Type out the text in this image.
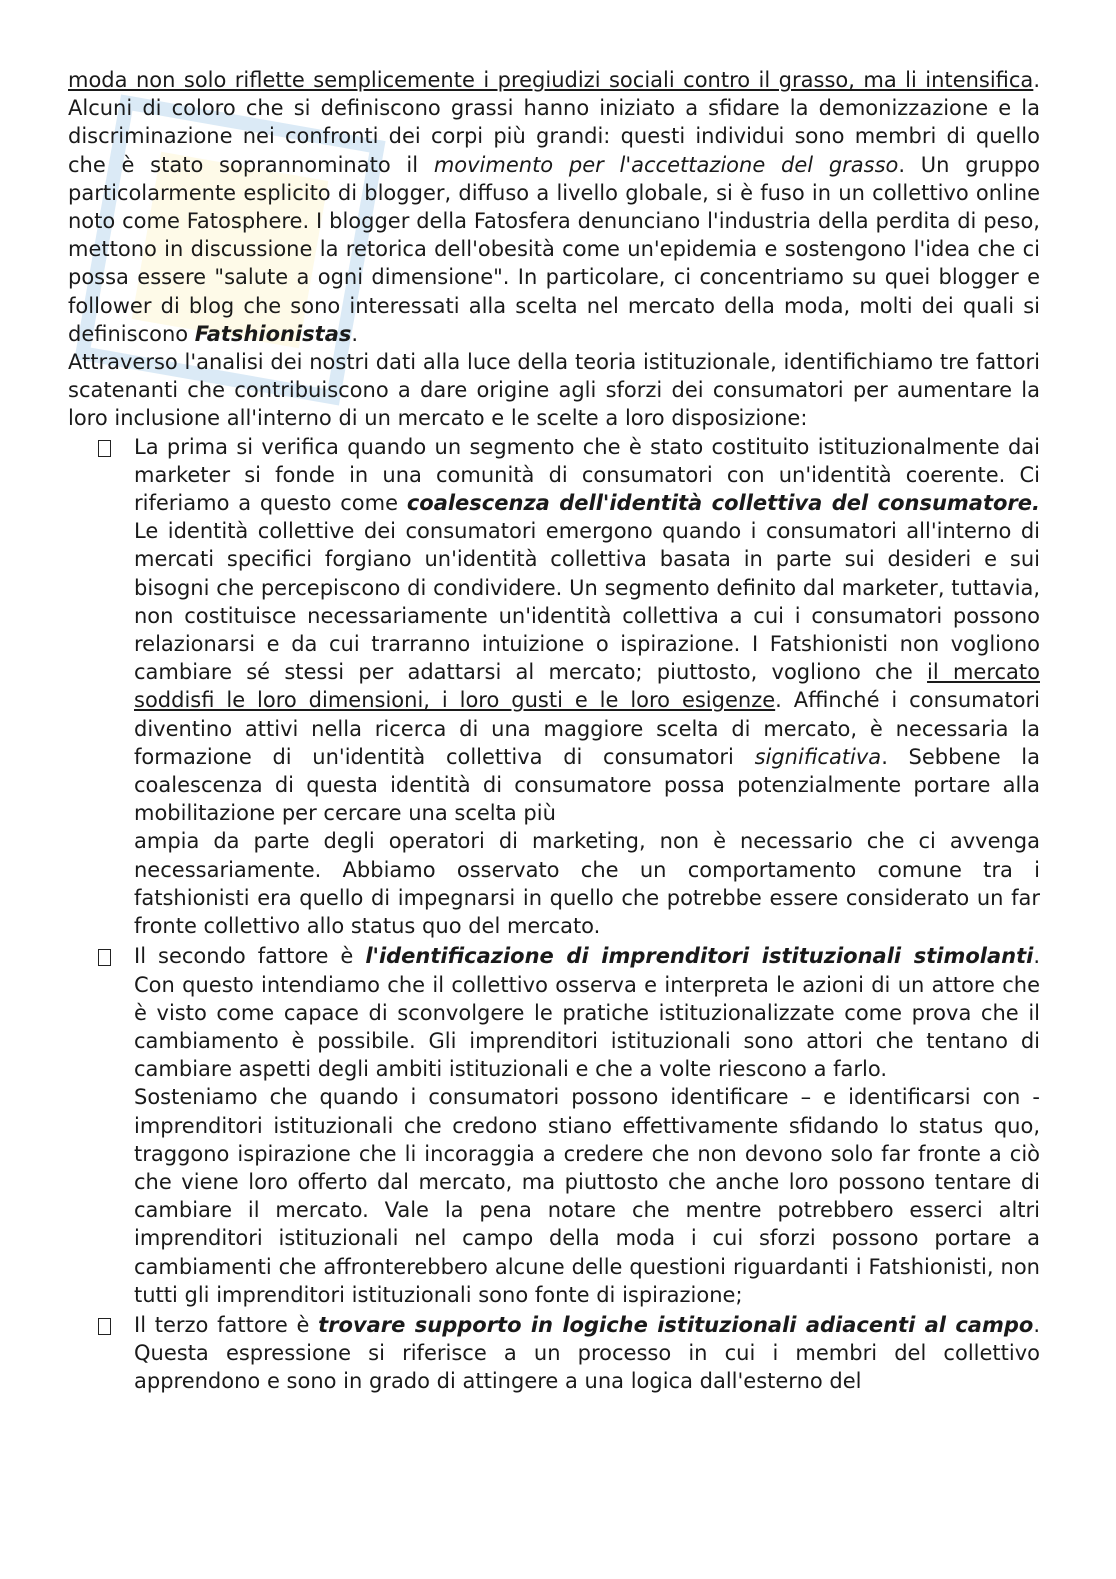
moda non solo riflette semplicemente i pregiudizi sociali contro il grasso, ma li intensifica. Alcuni di coloro che si definiscono grassi hanno iniziato a sfidare la demonizzazione e la discriminazione nei confronti dei corpi più grandi: questi individui sono membri di quello che è stato soprannominato il movimento per l'accettazione del grasso. Un gruppo particolarmente esplicito di blogger, diffuso a livello globale, si è fuso in un collettivo online noto come Fatosphere. I blogger della Fatosfera denunciano l'industria della perdita di peso, mettono in discussione la retorica dell'obesità come un'epidemia e sostengono l'idea che ci possa essere "salute a ogni dimensione". In particolare, ci concentriamo su quei blogger e follower di blog che sono interessati alla scelta nel mercato della moda, molti dei quali si definiscono Fatshionistas.

Attraverso l'analisi dei nostri dati alla luce della teoria istituzionale, identifichiamo tre fattori scatenanti che contribuiscono a dare origine agli sforzi dei consumatori per aumentare la loro inclusione all'interno di un mercato e le scelte a loro disposizione:

La prima si verifica quando un segmento che è stato costituito istituzionalmente dai marketer si fonde in una comunità di consumatori con un'identità coerente. Ci riferiamo a questo come coalescenza dell'identità collettiva del consumatore. Le identità collettive dei consumatori emergono quando i consumatori all'interno di mercati specifici forgiano un'identità collettiva basata in parte sui desideri e sui bisogni che percepiscono di condividere. Un segmento definito dal marketer, tuttavia, non costituisce necessariamente un'identità collettiva a cui i consumatori possono relazionarsi e da cui trarranno intuizione o ispirazione. I Fatshionisti non vogliono cambiare sé stessi per adattarsi al mercato; piuttosto, vogliono che il mercato soddisfi le loro dimensioni, i loro gusti e le loro esigenze. Affinché i consumatori diventino attivi nella ricerca di una maggiore scelta di mercato, è necessaria la formazione di un'identità collettiva di consumatori significativa. Sebbene la coalescenza di questa identità di consumatore possa potenzialmente portare alla mobilitazione per cercare una scelta più
ampia da parte degli operatori di marketing, non è necessario che ci avvenga necessariamente. Abbiamo osservato che un comportamento comune tra i fatshionisti era quello di impegnarsi in quello che potrebbe essere considerato un far fronte collettivo allo status quo del mercato.
Il secondo fattore è l'identificazione di imprenditori istituzionali stimolanti. Con questo intendiamo che il collettivo osserva e interpreta le azioni di un attore che è visto come capace di sconvolgere le pratiche istituzionalizzate come prova che il cambiamento è possibile. Gli imprenditori istituzionali sono attori che tentano di cambiare aspetti degli ambiti istituzionali e che a volte riescono a farlo.
Sosteniamo che quando i consumatori possono identificare – e identificarsi con - imprenditori istituzionali che credono stiano effettivamente sfidando lo status quo, traggono ispirazione che li incoraggia a credere che non devono solo far fronte a ciò che viene loro offerto dal mercato, ma piuttosto che anche loro possono tentare di cambiare il mercato. Vale la pena notare che mentre potrebbero esserci altri imprenditori istituzionali nel campo della moda i cui sforzi possono portare a cambiamenti che affronterebbero alcune delle questioni riguardanti i Fatshionisti, non tutti gli imprenditori istituzionali sono fonte di ispirazione;
Il terzo fattore è trovare supporto in logiche istituzionali adiacenti al campo. Questa espressione si riferisce a un processo in cui i membri del collettivo apprendono e sono in grado di attingere a una logica dall'esterno del
